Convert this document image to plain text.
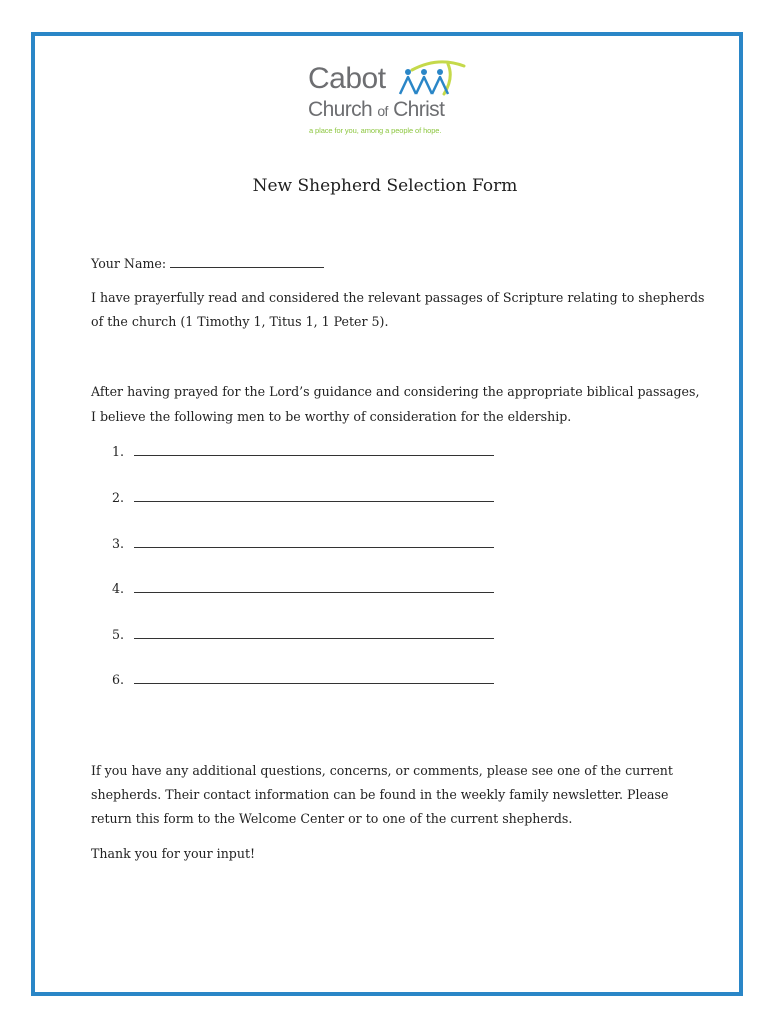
Cabot
Church of Christ
a place for you, among a people of hope.
New Shepherd Selection Form
Your Name:
I have prayerfully read and considered the relevant passages of Scripture relating to shepherds
of the church (1 Timothy 1, Titus 1, 1 Peter 5).
After having prayed for the Lord’s guidance and considering the appropriate biblical passages,
I believe the following men to be worthy of consideration for the eldership.
1.
2.
3.
4.
5.
6.
If you have any additional questions, concerns, or comments, please see one of the current
shepherds. Their contact information can be found in the weekly family newsletter. Please
return this form to the Welcome Center or to one of the current shepherds.
Thank you for your input!
